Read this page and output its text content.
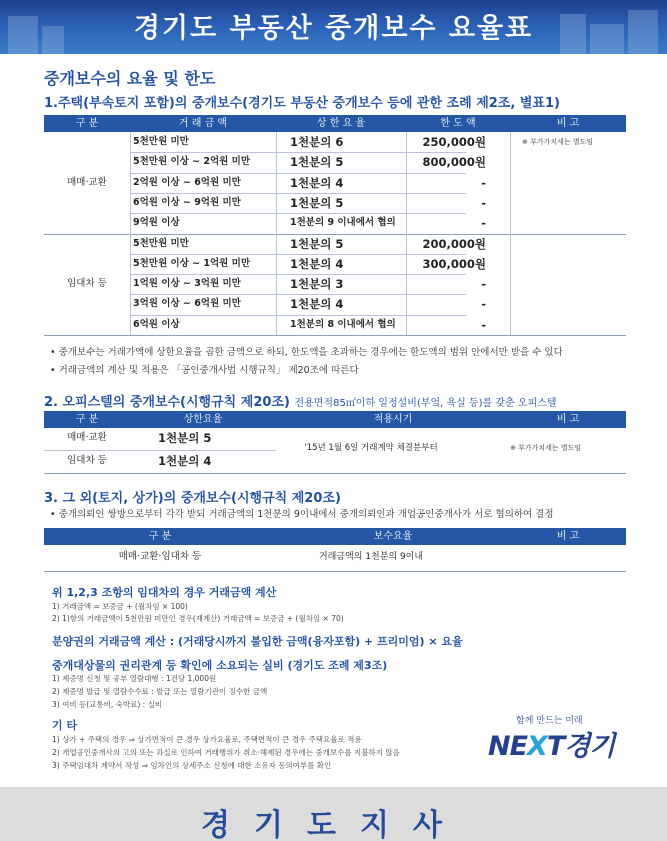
경기도 부동산 중개보수 요율표
중개보수의 요율 및 한도
1.주택(부속토지 포함)의 중개보수(경기도 부동산 중개보수 등에 관한 조례 제2조, 별표1)
구 분	거 래 금 액	상 한 요 율	한 도 액	비 고
매매·교환
5천만원 미만	1천분의 6	250,000원
5천만원 이상 ~ 2억원 미만	1천분의 5	800,000원
2억원 이상 ~ 6억원 미만	1천분의 4	-
6억원 이상 ~ 9억원 미만	1천분의 5	-
9억원 이상	1천분의 9 이내에서 협의	-
임대차 등
5천만원 미만	1천분의 5	200,000원
5천만원 이상 ~ 1억원 미만	1천분의 4	300,000원
1억원 이상 ~ 3억원 미만	1천분의 3	-
3억원 이상 ~ 6억원 미만	1천분의 4	-
6억원 이상	1천분의 8 이내에서 협의	-
※ 부가가치세는 별도임
• 중개보수는 거래가액에 상한요율을 곱한 금액으로 하되, 한도액을 초과하는 경우에는 한도액의 범위 안에서만 받을 수 있다
• 거래금액의 계산 및 적용은 「공인중개사법 시행규칙」 제20조에 따른다
2. 오피스텔의 중개보수(시행규칙 제20조) 전용면적85㎡이하 일정설비(부엌, 욕실 등)를 갖춘 오피스텔
구 분	상한요율	적용시기	비 고
매매·교환	1천분의 5
임대차 등	1천분의 4
'15년 1월 6일 거래계약 체결분부터	※ 부가가치세는 별도임
3. 그 외(토지, 상가)의 중개보수(시행규칙 제20조)
• 중개의뢰인 쌍방으로부터 각각 받되 거래금액의 1천분의 9이내에서 중개의뢰인과 개업공인중개사가 서로 협의하여 결정
구 분	보수요율	비 고
매매·교환·임대차 등	거래금액의 1천분의 9이내
위 1,2,3 조항의 임대차의 경우 거래금액 계산
1) 거래금액 = 보증금 + (월차임 × 100)
2) 1)항의 거래금액이 5천만원 미만인 경우(재계산) 거래금액 = 보증금 + (월차임 × 70)
분양권의 거래금액 계산 : (거래당시까지 불입한 금액(융자포함) + 프리미엄) × 요율
중개대상물의 권리관계 등 확인에 소요되는 실비 (경기도 조례 제3조)
1) 제증명 신청 및 공부 열람대행 : 1건당 1,000원
2) 제증명 발급 및 열람수수료 : 발급 또는 열람기관이 징수한 금액
3) 여비 등(교통비, 숙박료) : 실비
기 타
1) 상가 + 주택의 경우 ⇒ 상가면적이 큰 경우 상가요율로, 주택면적이 큰 경우 주택요율로 적용
2) 개업공인중개사의 고의 또는 과실로 인하여 거래행위가 취소·해제된 경우에는 중개보수를 지불하지 않음
3) 주택임대차 계약서 작성 ⇒ 임차인의 상세주소 신청에 대한 소유자 동의여부를 확인
함께 만드는 미래
NEXT경기
경기도지사
